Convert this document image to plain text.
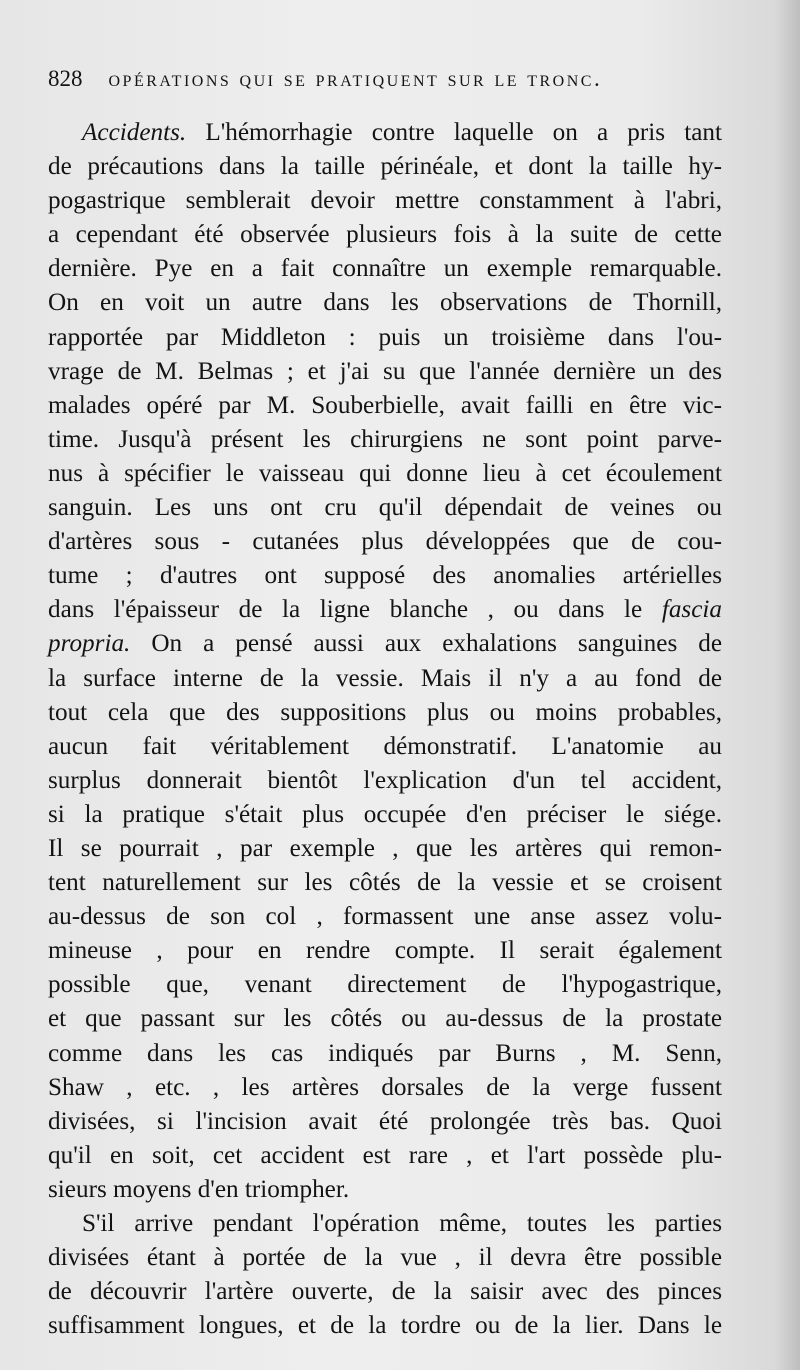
828 opérations qui se pratiquent sur le tronc.

Accidents. L'hémorrhagie contre laquelle on a pris tant

de précautions dans la taille périnéale, et dont la taille hy-

pogastrique semblerait devoir mettre constamment à l'abri,

a cependant été observée plusieurs fois à la suite de cette

dernière. Pye en a fait connaître un exemple remarquable.

On en voit un autre dans les observations de Thornill,

rapportée par Middleton : puis un troisième dans l'ou-

vrage de M. Belmas ; et j'ai su que l'année dernière un des

malades opéré par M. Souberbielle, avait failli en être vic-

time. Jusqu'à présent les chirurgiens ne sont point parve-

nus à spécifier le vaisseau qui donne lieu à cet écoulement

sanguin. Les uns ont cru qu'il dépendait de veines ou

d'artères sous - cutanées plus développées que de cou-

tume ; d'autres ont supposé des anomalies artérielles

dans l'épaisseur de la ligne blanche , ou dans le fascia

propria. On a pensé aussi aux exhalations sanguines de

la surface interne de la vessie. Mais il n'y a au fond de

tout cela que des suppositions plus ou moins probables,

aucun fait véritablement démonstratif. L'anatomie au

surplus donnerait bientôt l'explication d'un tel accident,

si la pratique s'était plus occupée d'en préciser le siége.

Il se pourrait , par exemple , que les artères qui remon-

tent naturellement sur les côtés de la vessie et se croisent

au-dessus de son col , formassent une anse assez volu-

mineuse , pour en rendre compte. Il serait également

possible que, venant directement de l'hypogastrique,

et que passant sur les côtés ou au-dessus de la prostate

comme dans les cas indiqués par Burns , M. Senn,

Shaw , etc. , les artères dorsales de la verge fussent

divisées, si l'incision avait été prolongée très bas. Quoi

qu'il en soit, cet accident est rare , et l'art possède plu-

sieurs moyens d'en triompher.

S'il arrive pendant l'opération même, toutes les parties

divisées étant à portée de la vue , il devra être possible

de découvrir l'artère ouverte, de la saisir avec des pinces

suffisamment longues, et de la tordre ou de la lier. Dans le
